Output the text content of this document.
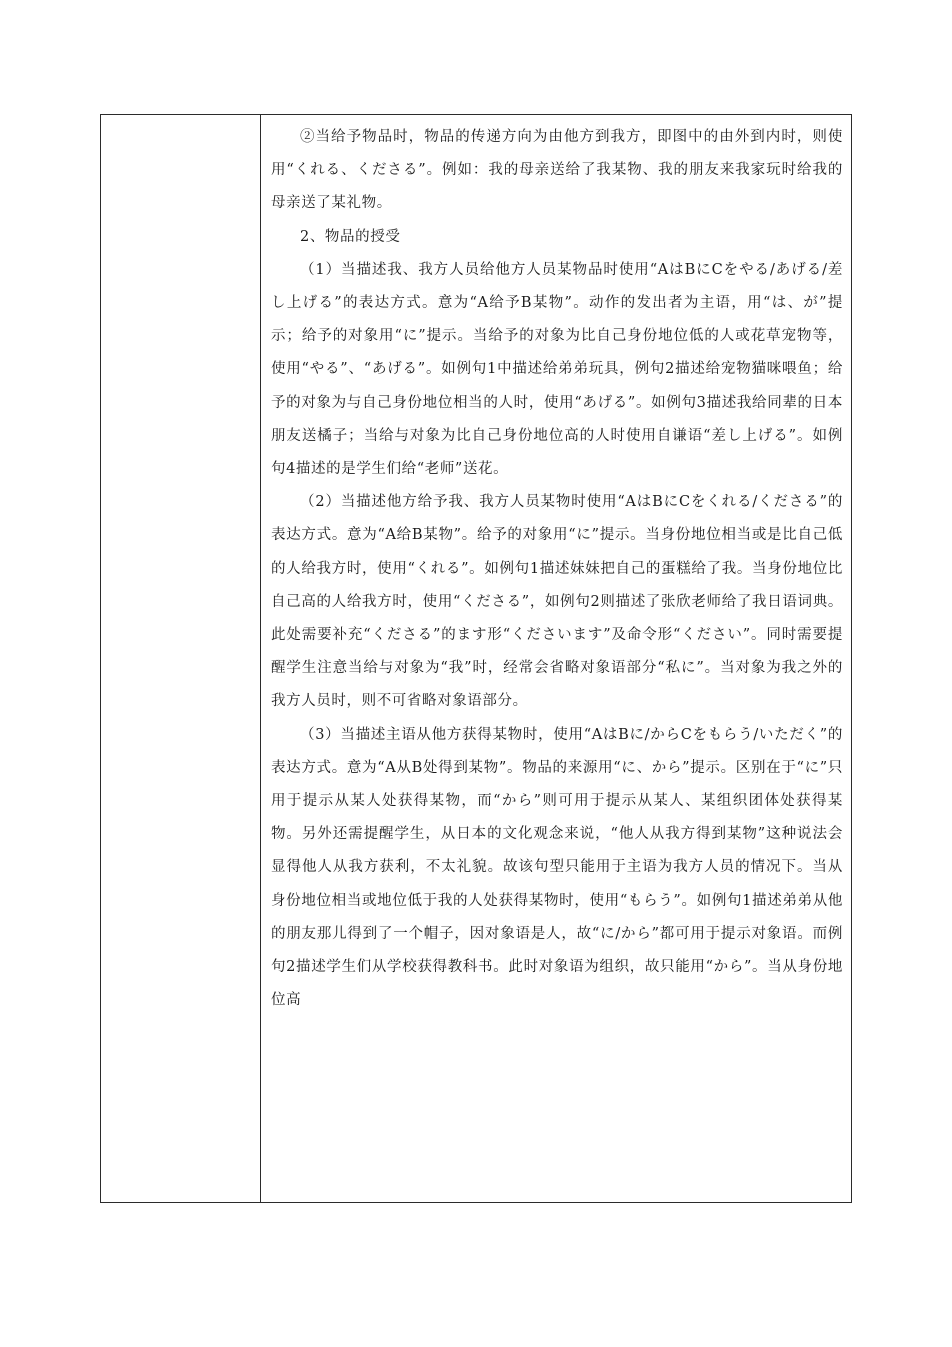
②当给予物品时，物品的传递方向为由他方到我方，即图中的由外到内时，则使用“くれる、くださる”。例如：我的母亲送给了我某物、我的朋友来我家玩时给我的母亲送了某礼物。

2、物品的授受

（1）当描述我、我方人员给他方人员某物品时使用“AはBにCをやる/あげる/差し上げる”的表达方式。意为“A给予B某物”。动作的发出者为主语，用“は、が”提示；给予的对象用“に”提示。当给予的对象为比自己身份地位低的人或花草宠物等，使用“やる”、“あげる”。如例句1中描述给弟弟玩具，例句2描述给宠物猫咪喂鱼；给予的对象为与自己身份地位相当的人时，使用“あげる”。如例句3描述我给同辈的日本朋友送橘子；当给与对象为比自己身份地位高的人时使用自谦语“差し上げる”。如例句4描述的是学生们给“老师”送花。

（2）当描述他方给予我、我方人员某物时使用“AはBにCをくれる/くださる”的表达方式。意为“A给B某物”。给予的对象用“に”提示。当身份地位相当或是比自己低的人给我方时，使用“くれる”。如例句1描述妹妹把自己的蛋糕给了我。当身份地位比自己高的人给我方时，使用“くださる”，如例句2则描述了张欣老师给了我日语词典。此处需要补充“くださる”的ます形“くださいます”及命令形“ください”。同时需要提醒学生注意当给与对象为“我”时，经常会省略对象语部分“私に”。当对象为我之外的我方人员时，则不可省略对象语部分。

（3）当描述主语从他方获得某物时，使用“AはBに/からCをもらう/いただく”的表达方式。意为“A从B处得到某物”。物品的来源用“に、から”提示。区别在于“に”只用于提示从某人处获得某物，而“から”则可用于提示从某人、某组织团体处获得某物。另外还需提醒学生，从日本的文化观念来说，“他人从我方得到某物”这种说法会显得他人从我方获利，不太礼貌。故该句型只能用于主语为我方人员的情况下。当从身份地位相当或地位低于我的人处获得某物时，使用“もらう”。如例句1描述弟弟从他的朋友那儿得到了一个帽子，因对象语是人，故“に/から”都可用于提示对象语。而例句2描述学生们从学校获得教科书。此时对象语为组织，故只能用“から”。当从身份地位高
